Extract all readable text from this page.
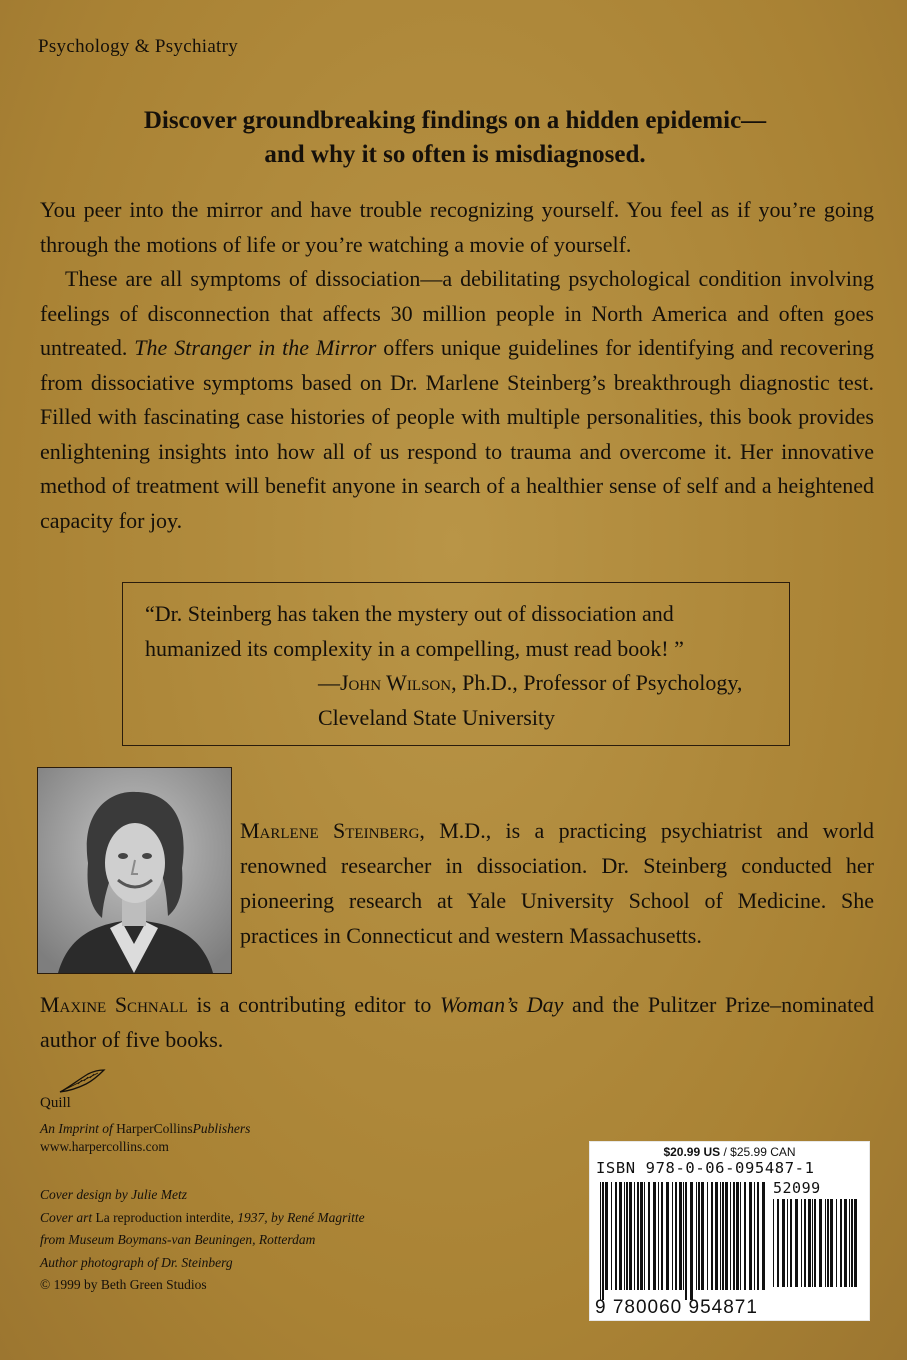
Psychology & Psychiatry
Discover groundbreaking findings on a hidden epidemic—and why it so often is misdiagnosed.
You peer into the mirror and have trouble recognizing yourself. You feel as if you’re going through the motions of life or you’re watching a movie of yourself.
These are all symptoms of dissociation—a debilitating psychological condition involving feelings of disconnection that affects 30 million people in North America and often goes untreated. The Stranger in the Mirror offers unique guidelines for identifying and recovering from dissociative symptoms based on Dr. Marlene Steinberg’s breakthrough diagnostic test. Filled with fascinating case histories of people with multiple personalities, this book provides enlightening insights into how all of us respond to trauma and overcome it. Her innovative method of treatment will benefit anyone in search of a healthier sense of self and a heightened capacity for joy.
“Dr. Steinberg has taken the mystery out of dissociation and humanized its complexity in a compelling, must read book! ”
—John Wilson, Ph.D., Professor of Psychology,
Cleveland State University
Marlene Steinberg, M.D., is a practicing psychiatrist and world renowned researcher in dissociation. Dr. Steinberg conducted her pioneering research at Yale University School of Medicine. She practices in Connecticut and western Massachusetts.
Maxine Schnall is a contributing editor to Woman’s Day and the Pulitzer Prize–nominated author of five books.
Quill
An Imprint of HarperCollinsPublishers
www.harpercollins.com
Cover design by Julie Metz
Cover art La reproduction interdite, 1937, by René Magritte
from Museum Boymans-van Beuningen, Rotterdam
Author photograph of Dr. Steinberg
© 1999 by Beth Green Studios
$20.99 US / $25.99 CAN
ISBN 978-0-06-095487-1
52099
9 780060 954871
